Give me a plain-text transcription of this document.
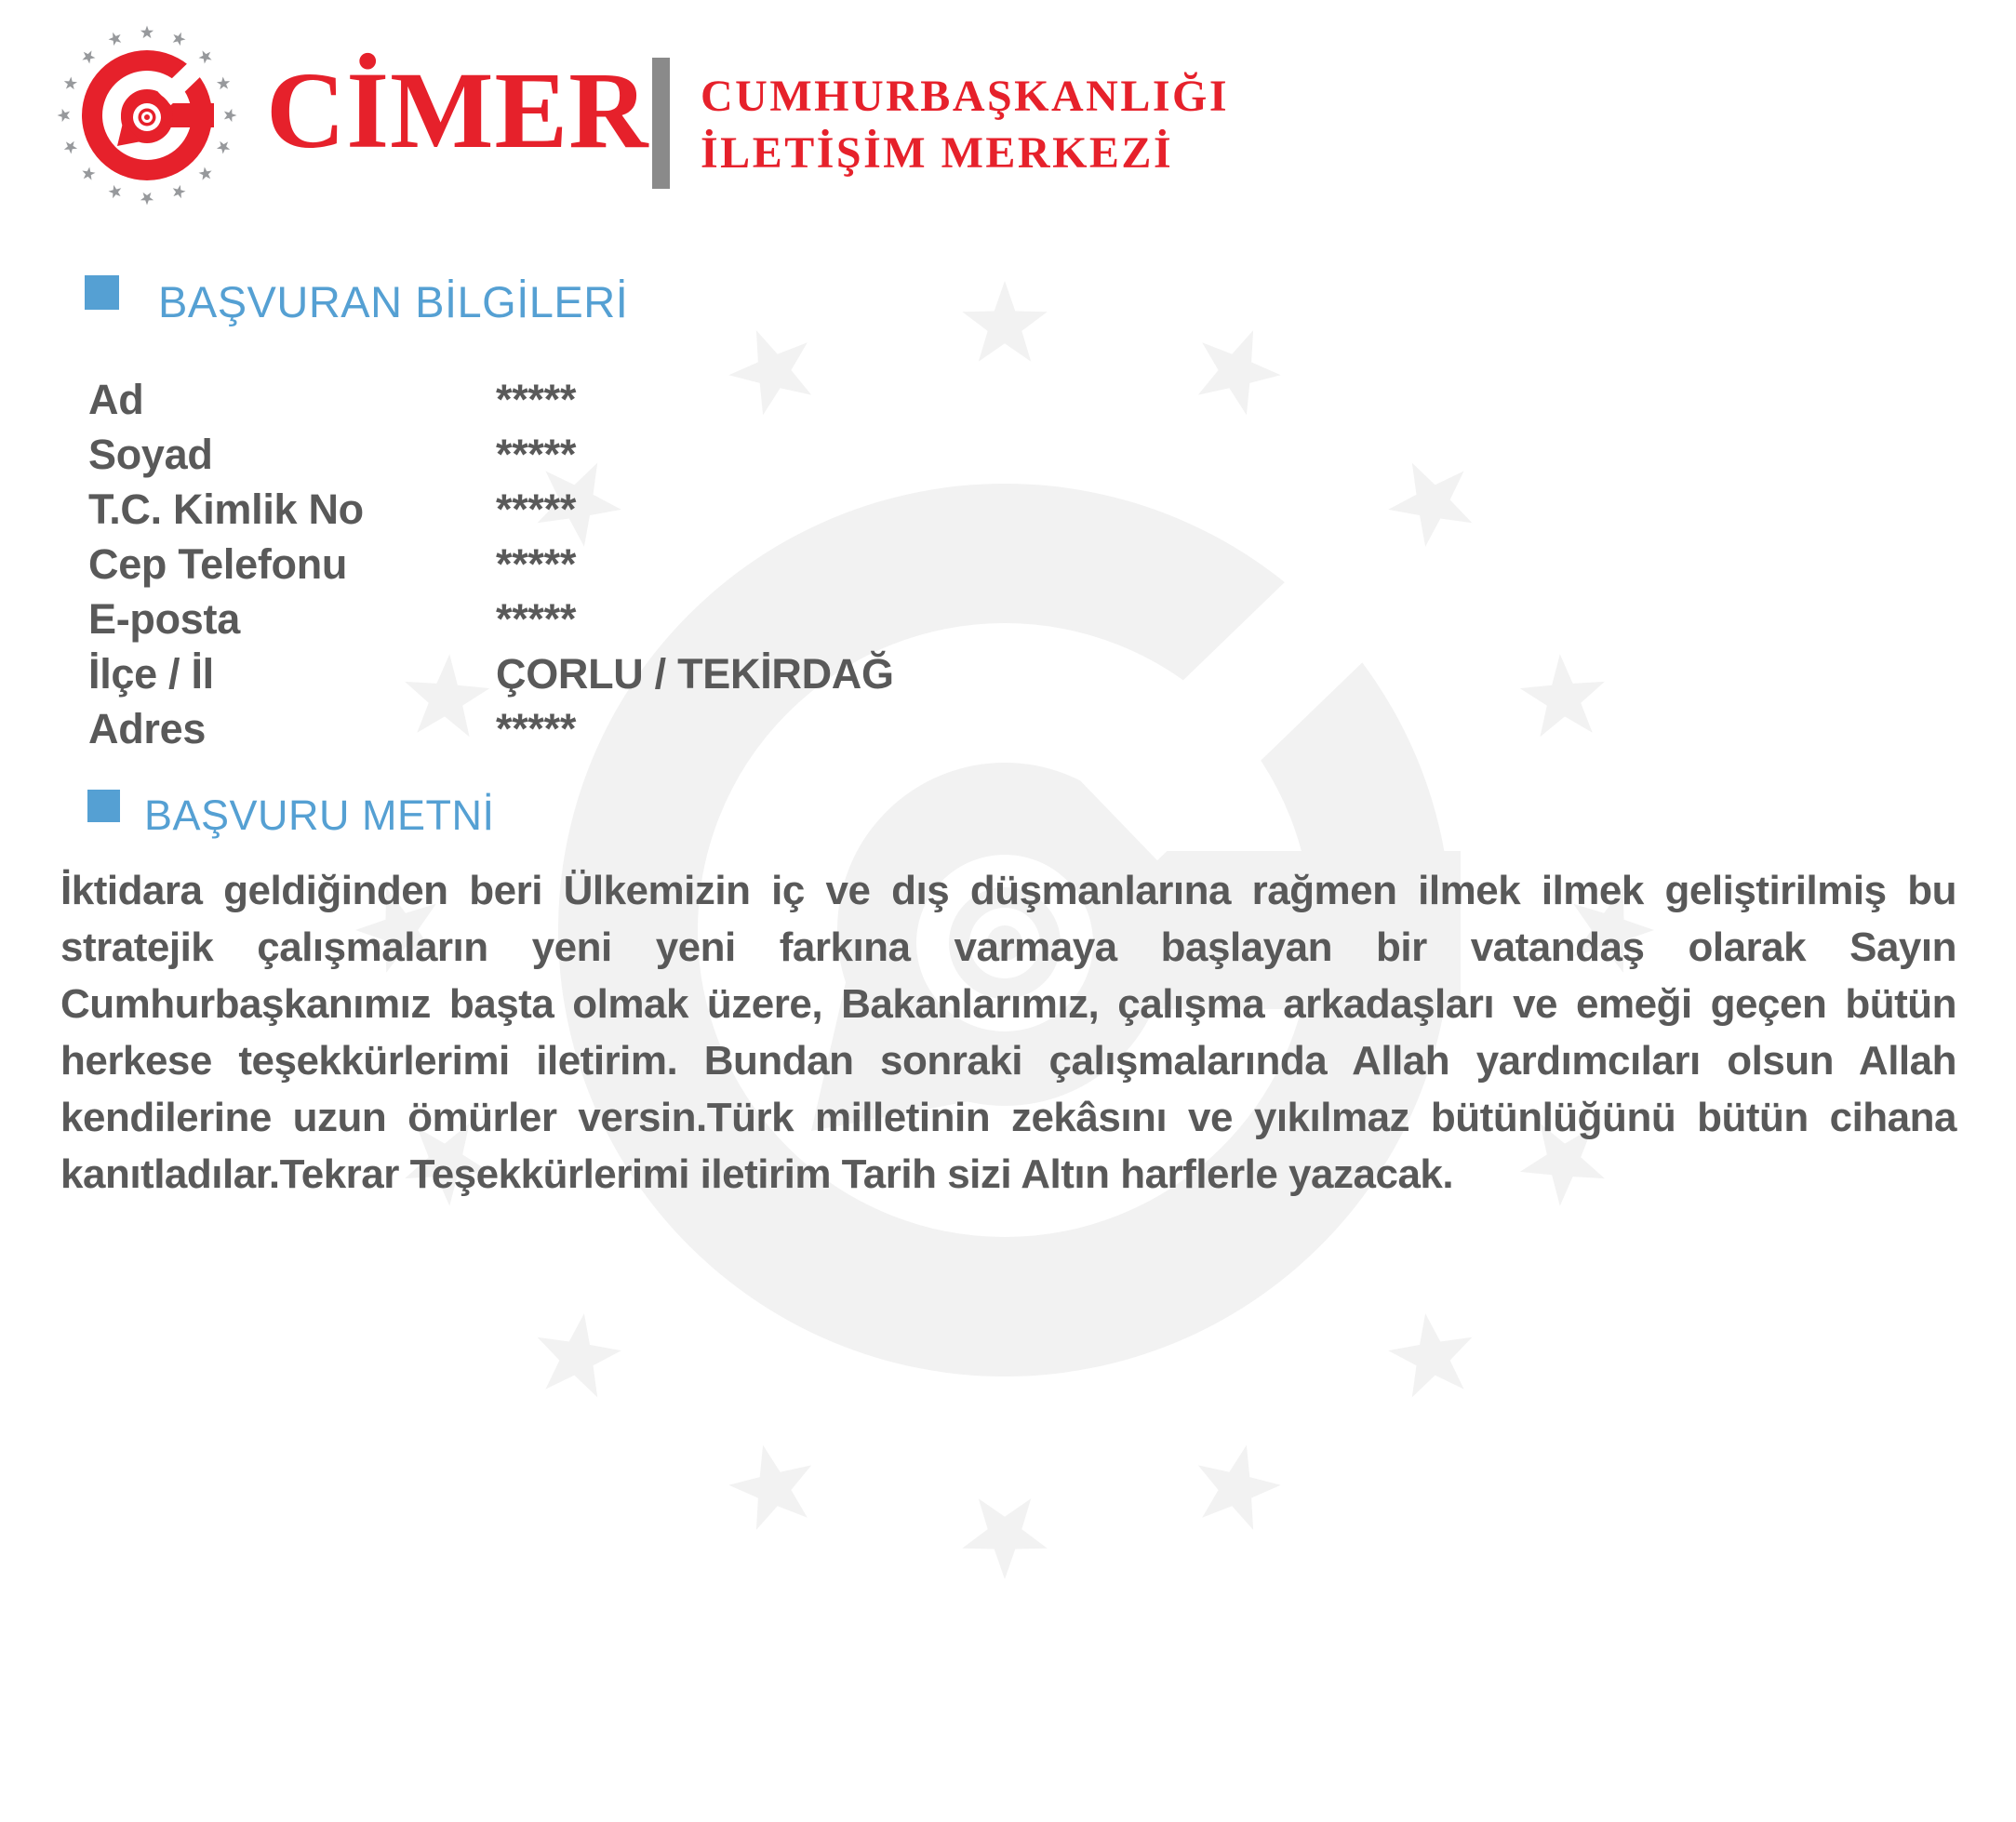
CİMER CUMHURBAŞKANLIĞI
İLETİŞİM MERKEZİ
BAŞVURAN BİLGİLERİ
Ad	*****
Soyad	*****
T.C. Kimlik No	*****
Cep Telefonu	*****
E-posta	*****
İlçe / İl	ÇORLU / TEKİRDAĞ
Adres	*****
BAŞVURU METNİ
İktidara geldiğinden beri Ülkemizin iç ve dış düşmanlarına rağmen ilmek ilmek geliştirilmiş bu
stratejik çalışmaların yeni yeni farkına varmaya başlayan bir vatandaş olarak Sayın
Cumhurbaşkanımız başta olmak üzere, Bakanlarımız, çalışma arkadaşları ve emeği geçen bütün
herkese teşekkürlerimi iletirim. Bundan sonraki çalışmalarında Allah yardımcıları olsun Allah
kendilerine uzun ömürler versin.Türk milletinin zekâsını ve yıkılmaz bütünlüğünü bütün cihana
kanıtladılar.Tekrar Teşekkürlerimi iletirim Tarih sizi Altın harflerle yazacak.
